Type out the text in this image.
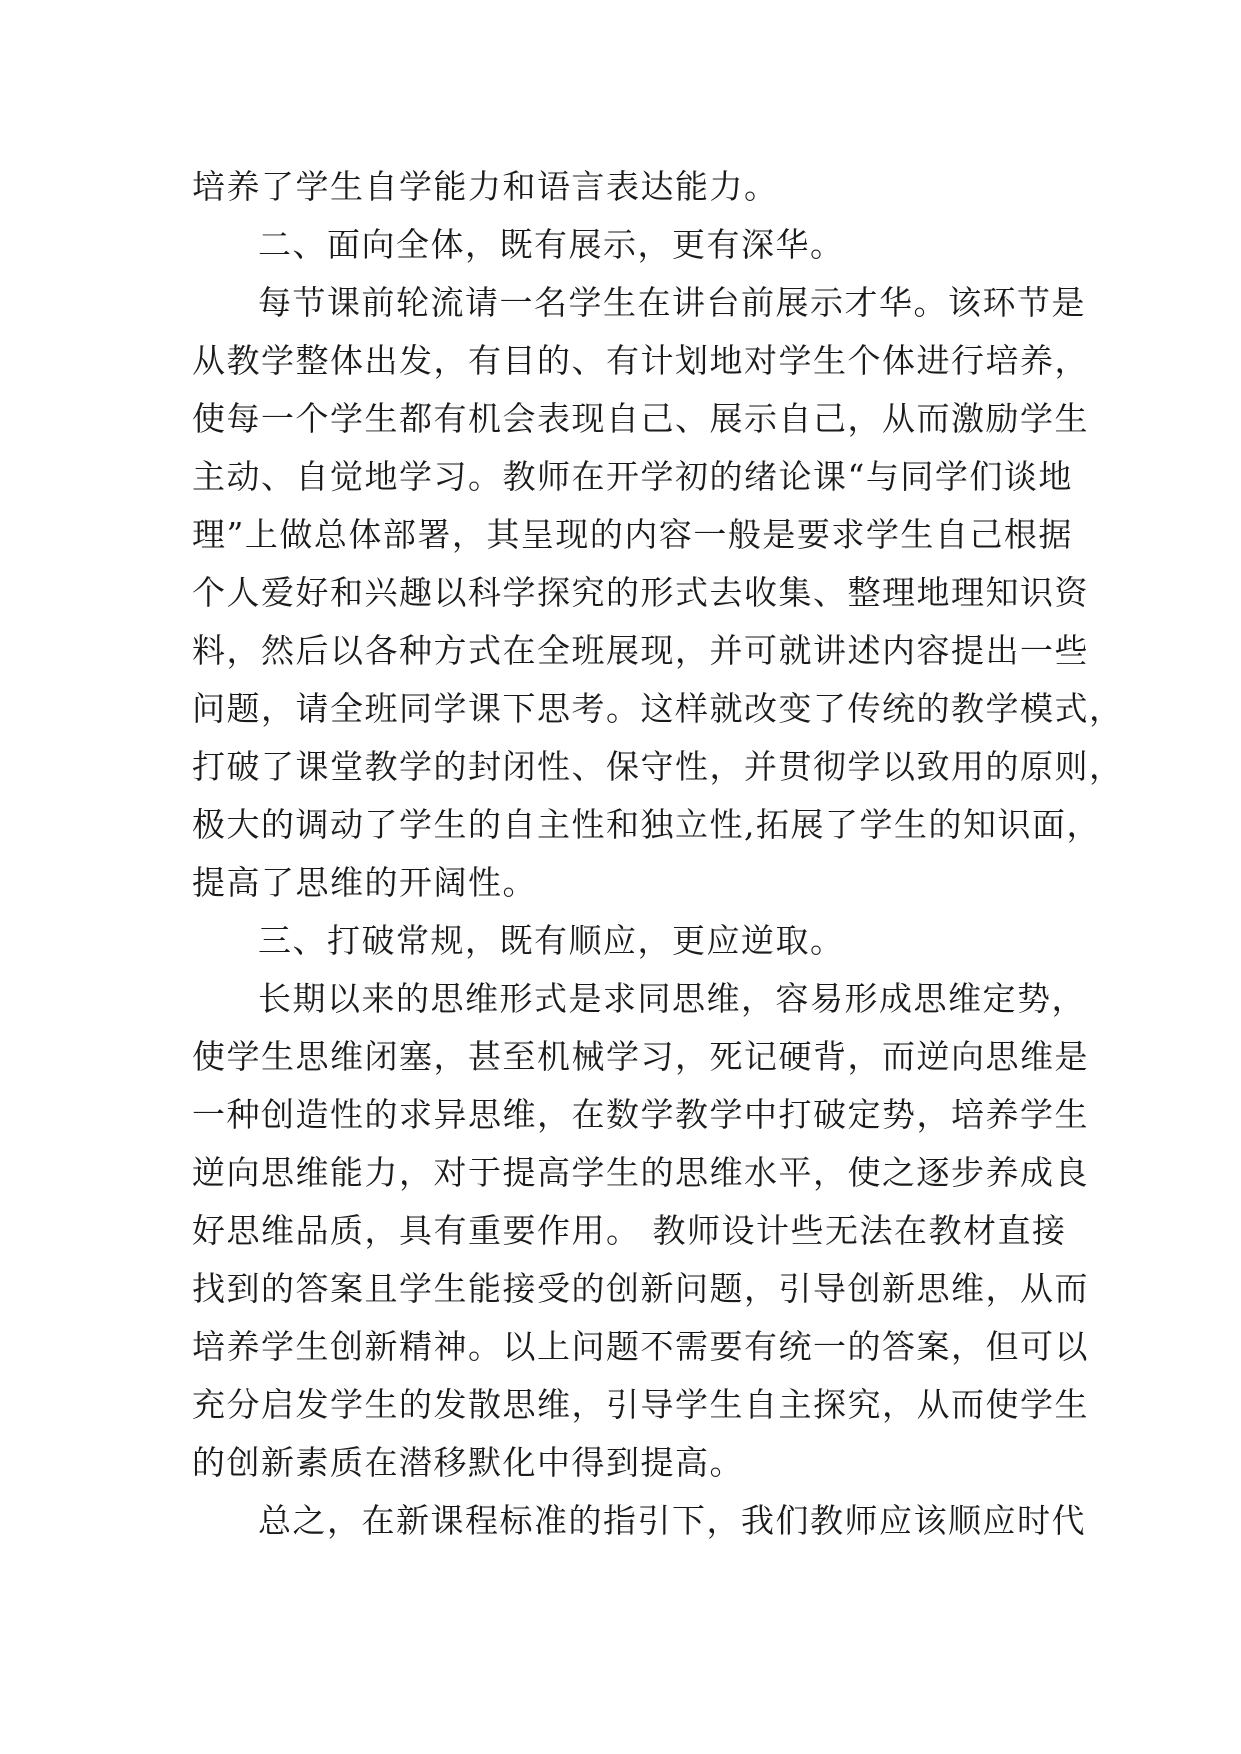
培养了学生自学能力和语言表达能力。
二、面向全体，既有展示，更有深华。
每节课前轮流请一名学生在讲台前展示才华。该环节是
从教学整体出发，有目的、有计划地对学生个体进行培养，
使每一个学生都有机会表现自己、展示自己，从而激励学生
主动、自觉地学习。教师在开学初的绪论课“与同学们谈地
理”上做总体部署，其呈现的内容一般是要求学生自己根据
个人爱好和兴趣以科学探究的形式去收集、整理地理知识资
料，然后以各种方式在全班展现，并可就讲述内容提出一些
问题，请全班同学课下思考。这样就改变了传统的教学模式，
打破了课堂教学的封闭性、保守性，并贯彻学以致用的原则，
极大的调动了学生的自主性和独立性,拓展了学生的知识面，
提高了思维的开阔性。
三、打破常规，既有顺应，更应逆取。
长期以来的思维形式是求同思维，容易形成思维定势，
使学生思维闭塞，甚至机械学习，死记硬背，而逆向思维是
一种创造性的求异思维，在数学教学中打破定势，培养学生
逆向思维能力，对于提高学生的思维水平，使之逐步养成良
好思维品质，具有重要作用。 教师设计些无法在教材直接
找到的答案且学生能接受的创新问题，引导创新思维，从而
培养学生创新精神。以上问题不需要有统一的答案，但可以
充分启发学生的发散思维，引导学生自主探究，从而使学生
的创新素质在潜移默化中得到提高。
总之，在新课程标准的指引下，我们教师应该顺应时代
